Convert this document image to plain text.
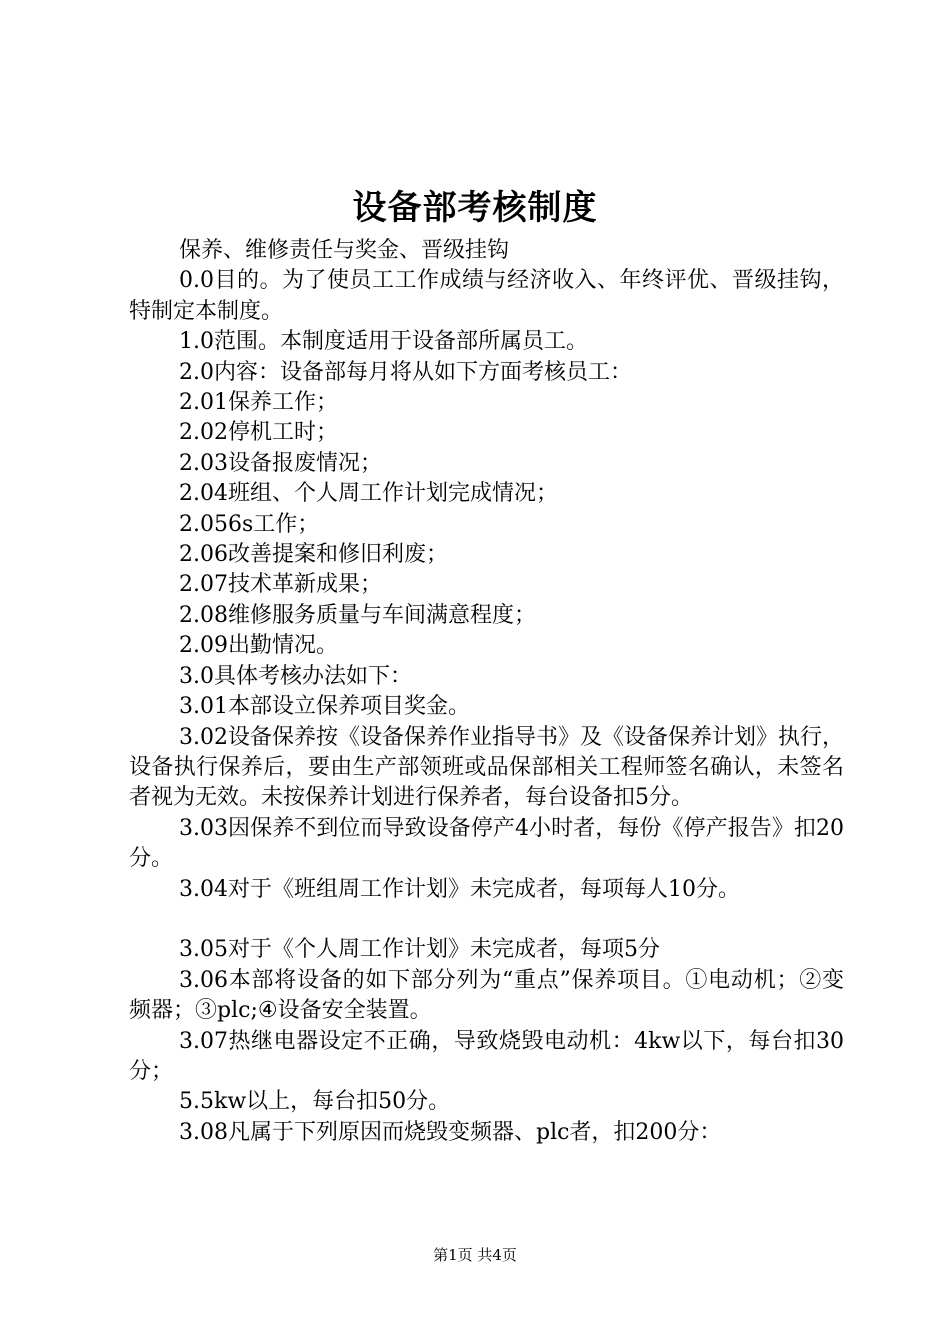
设备部考核制度

保养、维修责任与奖金、晋级挂钩

0.0目的。为了使员工工作成绩与经济收入、年终评优、晋级挂钩，特制定本制度。

1.0范围。本制度适用于设备部所属员工。

2.0内容：设备部每月将从如下方面考核员工：

2.01保养工作；

2.02停机工时；

2.03设备报废情况；

2.04班组、个人周工作计划完成情况；

2.056s工作；

2.06改善提案和修旧利废；

2.07技术革新成果；

2.08维修服务质量与车间满意程度；

2.09出勤情况。

3.0具体考核办法如下：

3.01本部设立保养项目奖金。

3.02设备保养按《设备保养作业指导书》及《设备保养计划》执行，设备执行保养后，要由生产部领班或品保部相关工程师签名确认，未签名者视为无效。未按保养计划进行保养者，每台设备扣5分。

3.03因保养不到位而导致设备停产4小时者，每份《停产报告》扣20分。

3.04对于《班组周工作计划》未完成者，每项每人10分。

3.05对于《个人周工作计划》未完成者，每项5分

3.06本部将设备的如下部分列为“重点”保养项目。①电动机；②变频器；③plc;④设备安全装置。

3.07热继电器设定不正确，导致烧毁电动机：4kw以下，每台扣30分；

5.5kw以上，每台扣50分。

3.08凡属于下列原因而烧毁变频器、plc者，扣200分：

第1页 共4页
